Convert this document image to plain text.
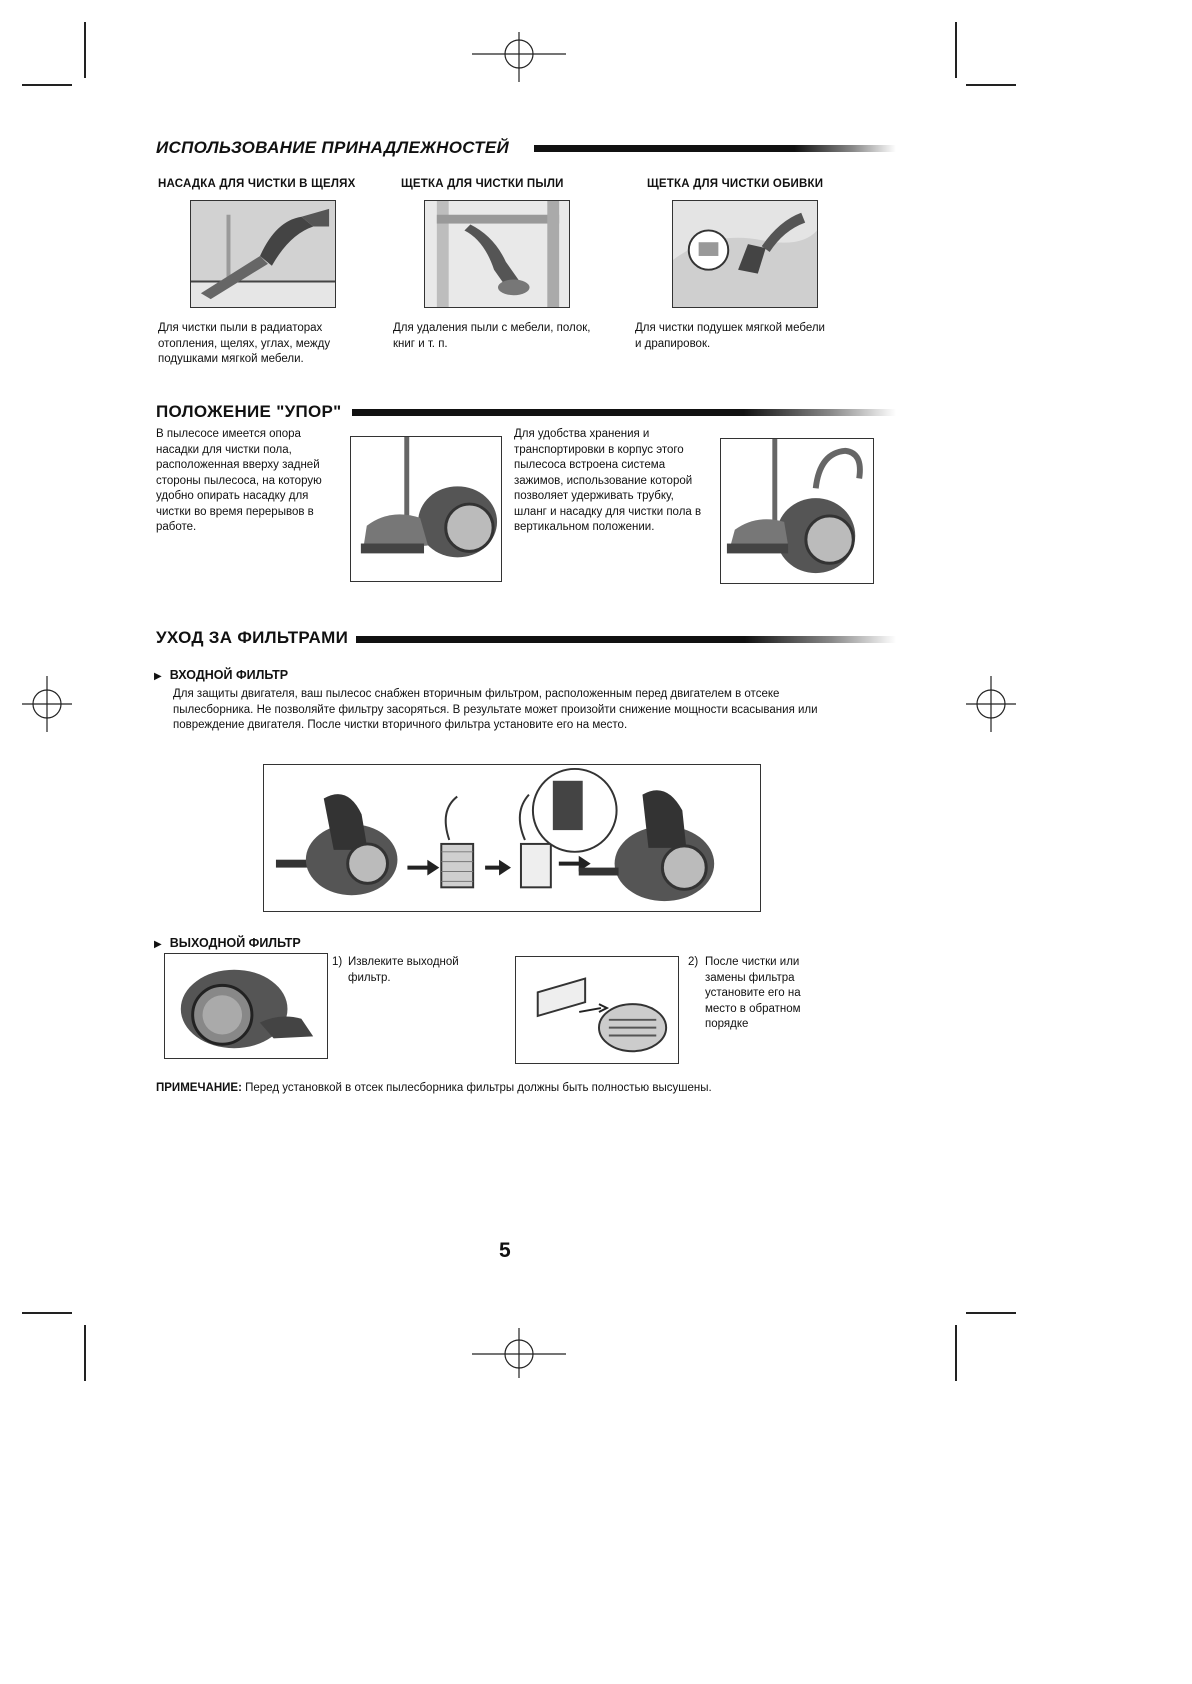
ИСПОЛЬЗОВАНИЕ ПРИНАДЛЕЖНОСТЕЙ
НАСАДКА ДЛЯ ЧИСТКИ В ЩЕЛЯХ	ЩЕТКА ДЛЯ ЧИСТКИ ПЫЛИ	ЩЕТКА ДЛЯ ЧИСТКИ ОБИВКИ
Для чистки пыли в радиаторах отопления, щелях, углах, между подушками мягкой мебели.
Для удаления пыли с мебели, полок, книг и т. п.
Для чистки подушек мягкой мебели и драпировок.
ПОЛОЖЕНИЕ "УПОР"
В пылесосе имеется опора насадки для чистки пола, расположенная вверху задней стороны пылесоса, на которую удобно опирать насадку для чистки во время перерывов в работе.
Для удобства хранения и транспортировки в корпус этого пылесоса встроена система зажимов, использование которой позволяет удерживать трубку, шланг и насадку для чистки пола в вертикальном положении.
УХОД ЗА ФИЛЬТРАМИ
▶ ВХОДНОЙ ФИЛЬТР
Для защиты двигателя, ваш пылесос снабжен вторичным фильтром, расположенным перед двигателем в отсеке пылесборника. Не позволяйте фильтру засоряться. В результате может произойти снижение мощности всасывания или повреждение двигателя. После чистки вторичного фильтра установите его на место.
▶ ВЫХОДНОЙ ФИЛЬТР
1) Извлеките выходной фильтр.
2) После чистки или замены фильтра установите его на место в обратном порядке
ПРИМЕЧАНИЕ: Перед установкой в отсек пылесборника фильтры должны быть полностью высушены.
5
